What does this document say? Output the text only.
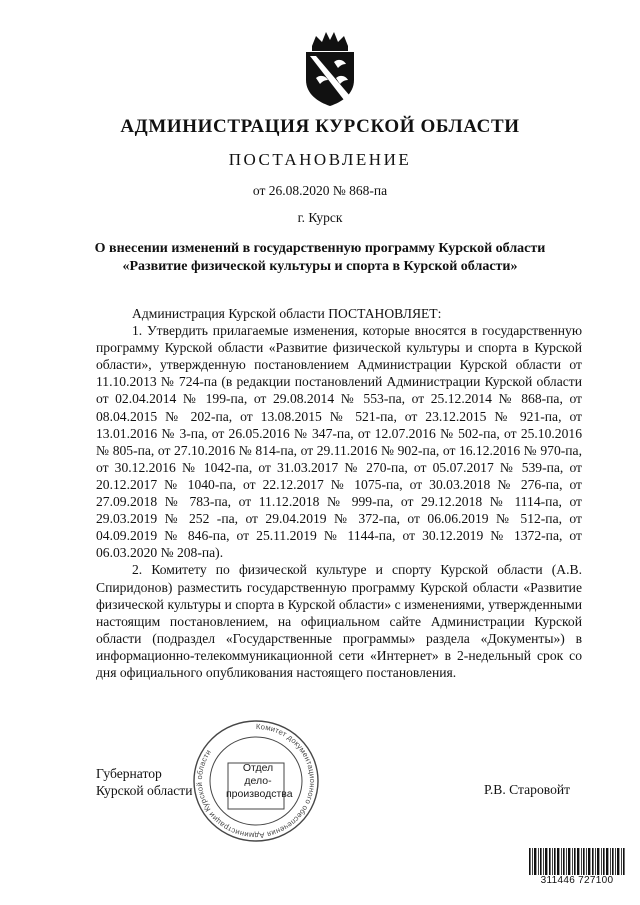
АДМИНИСТРАЦИЯ КУРСКОЙ ОБЛАСТИ
ПОСТАНОВЛЕНИЕ
от 26.08.2020 № 868-па
г. Курск
О внесении изменений в государственную программу Курской области
«Развитие физической культуры и спорта в Курской области»

Администрация Курской области ПОСТАНОВЛЯЕТ:

1. Утвердить прилагаемые изменения, которые вносятся в государственную программу Курской области «Развитие физической культуры и спорта в Курской области», утвержденную постановлением Администрации Курской области от 11.10.2013 № 724-па (в редакции постановлений Администрации Курской области от 02.04.2014 № 199-па, от 29.08.2014 № 553-па, от 25.12.2014 № 868-па, от 08.04.2015 № 202-па, от 13.08.2015 № 521-па, от 23.12.2015 № 921-па, от 13.01.2016 № 3-па, от 26.05.2016 № 347-па, от 12.07.2016 № 502-па, от 25.10.2016 № 805-па, от 27.10.2016 № 814-па, от 29.11.2016 № 902-па, от 16.12.2016 № 970-па, от 30.12.2016 № 1042-па, от 31.03.2017 № 270-па, от 05.07.2017 № 539-па, от 20.12.2017 № 1040-па, от 22.12.2017 № 1075-па, от 30.03.2018 № 276-па, от 27.09.2018 № 783-па, от 11.12.2018 № 999-па, от 29.12.2018 № 1114-па, от 29.03.2019 № 252 -па, от 29.04.2019 № 372-па, от 06.06.2019 № 512-па, от 04.09.2019 № 846-па, от 25.11.2019 № 1144-па, от 30.12.2019 № 1372-па, от 06.03.2020 № 208-па).

2. Комитету по физической культуре и спорту Курской области (А.В. Спиридонов) разместить государственную программу Курской области «Развитие физической культуры и спорта в Курской области» с изменениями, утвержденными настоящим постановлением, на официальном сайте Администрации Курской области (подраздел «Государственные программы» раздела «Документы») в информационно-телекоммуникационной сети «Интернет» в 2-недельный срок со дня официального опубликования настоящего постановления.

Комитет документационного обеспечения Администрации Курской области
Отдел
дело-
производства
Губернатор
Курской области	Р.В. Старовойт
311446 727100
